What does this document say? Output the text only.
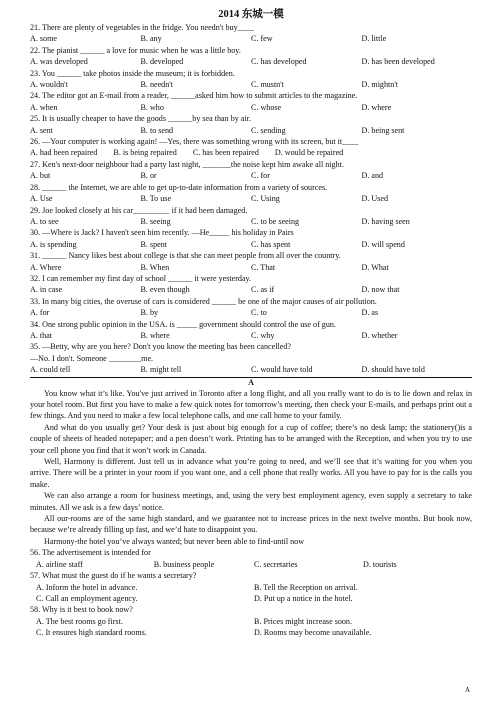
2014 东城一模
21. There are plenty of vegetables in the fridge. You needn't buy____
A. some	B. any	C. few	D. little
22. The pianist ______ a love for music when he was a little boy.
A. was developed	B. developed	C. has developed	D. has been developed
23. You ______ take photos inside the museum; it is forbidden.
A. wouldn't	B. needn't	C. mustn't	D. mightn't
24. The editor got an E-mail from a reader, ______asked him how to submit articles to the magazine.
A. when	B. who	C. whose	D. where
25. It is usually cheaper to have the goods ______by sea than by air.
A. sent	B. to send	C. sending	D. being sent
26. —Your computer is working again! —Yes, there was something wrong with its screen, but it____
A. had been repaired B. is being repaired C. has been repaired D. would be repaired
27. Ken's next-door neighbour had a party last night, _______the noise kept him awake all night.
A. but	B. or	C. for	D. and
28. ______ the Internet, we are able to get up-to-date information from a variety of sources.
A. Use	B. To use	C. Using	D. Used
29. Joe looked closely at his car_________ if it had been damaged.
A. to see	B. seeing	C. to be seeing	D. having seen
30. —Where is Jack? I haven't seen him recently. —He_____ his holiday in Pairs
A. is spending	B. spent	C. has spent	D. will spend
31. ______ Nancy likes best about college is that she can meet people from all over the country.
A. Where	B. When	C. That	D. What
32. I can remember my first day of school ______ it were yesterday.
A. in case	B. even though	C. as if	D. now that
33. In many big cities, the overuse of cars is considered ______ be one of the major causes of air pollution.
A. for	B. by	C. to	D. as
34. One strong public opinion in the USA. is _____ government should control the use of gun.
A. that	B. where	C. why	D. whether
35. —Betty, why are you here? Don't you know the meeting has been cancelled?
—No. I don't. Someone ________me.
A. could tell	B. might tell	C. would have told	D. should have told
A
You know what it’s like. You've just arrived in Toronto after a long flight, and all you really want to do is to lie down and relax in your hotel room. But first you have to make a few quick notes for tomorrow’s meeting, then check your E-mails, and perhaps print out a few things. And you need to make a few local telephone calls, and one call home to your family.
And what do you usually get? Your desk is just about big enough for a cup of coffee; there’s no desk lamp; the stationery()is a couple of sheets of headed notepaper; and a pen doesn’t work. Printing has to be arranged with the Reception, and when you try to use your cell phone you find that it won’t work in Canada.
Well, Harmony is different. Just tell us in advance what you’re going to need, and we’ll see that it’s waiting for you when you arrive. There will be a printer in your room if you want one, and a cell phone that really works. All you have to pay for is the calls you make.
We can also arrange a room for business meetings, and, using the very best employment agency, even supply a secretary to take minutes. All we ask is a few days’ notice.
All our-rooms are of the same high standard, and we guarantee not to increase prices in the next twelve months. But book now, because we’re already filling up fast, and we’d hate to disappoint you.
Harmony-the hotel you’ve always wanted; but never been able to find-until now
56. The advertisement is intended for
A. airline staff	B. business people	C. secretaries	D. tourists
57. What must the guest do if he wants a secretary?
A. Inform the hotel in advance.	B. Tell the Reception on arrival.
C. Call an employment agency.	D. Put up a notice in the hotel.
58. Why is it best to book now?
A. The best rooms go first.	B. Prices might increase soon.
C. It ensures high standard rooms.	D. Rooms may become unavailable.
A
